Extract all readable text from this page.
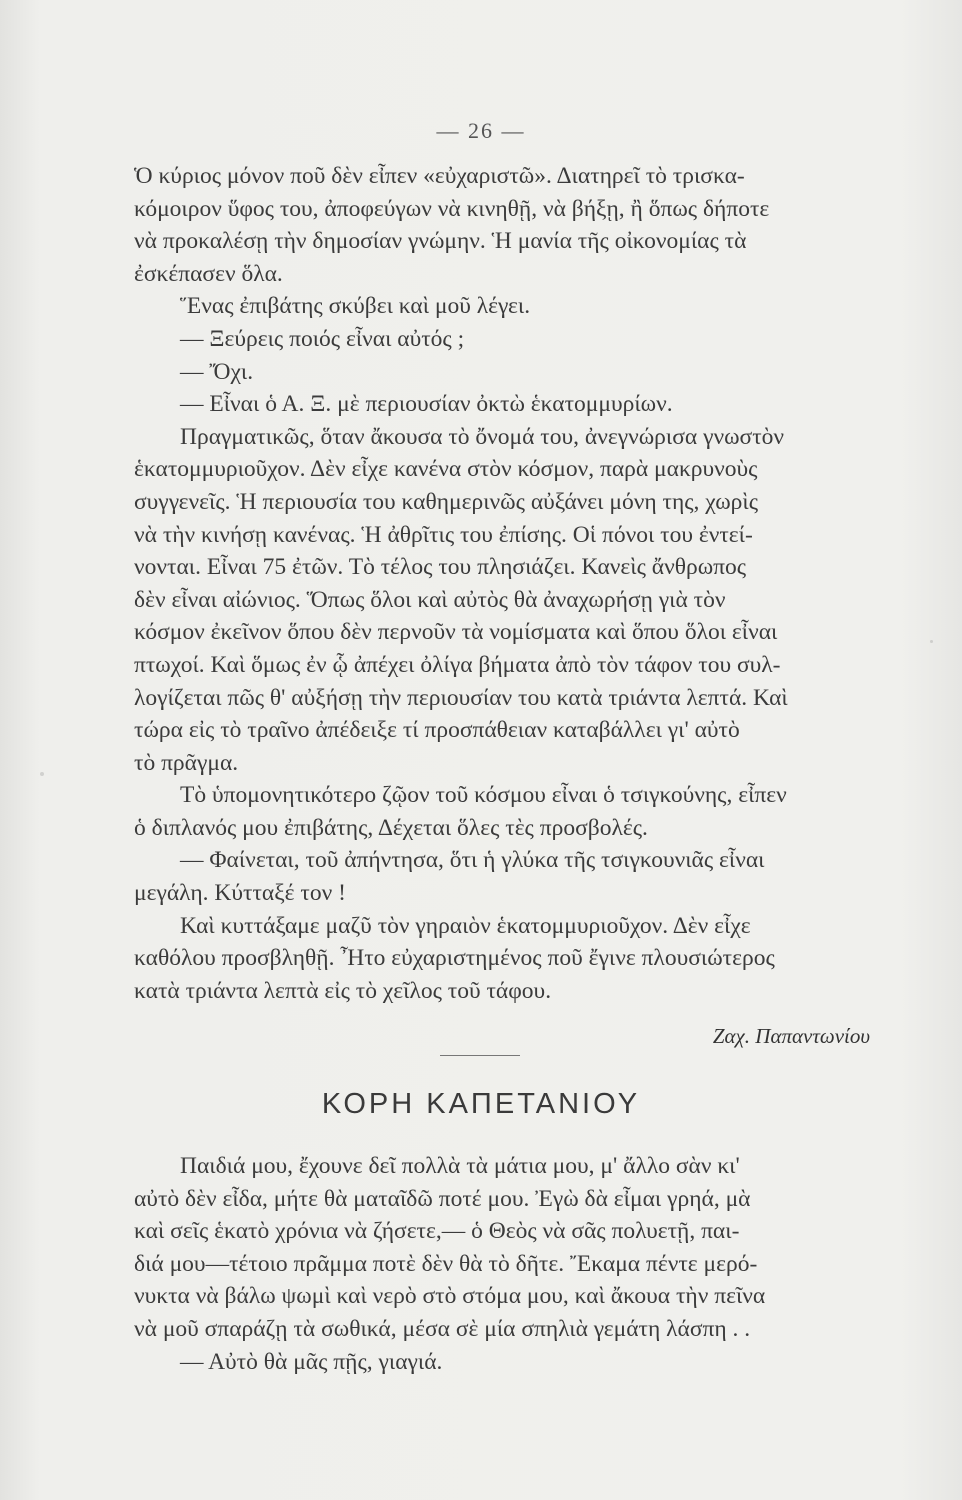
— 26 —

Ὁ κύριος μόνον ποῦ δὲν εἶπεν «εὐχαριστῶ». Διατηρεῖ τὸ τρισκα-

κόμοιρον ὕφος του, ἀποφεύγων νὰ κινηθῇ, νὰ βήξῃ, ἢ ὅπως δήποτε

νὰ προκαλέσῃ τὴν δημοσίαν γνώμην. Ἡ μανία τῆς οἰκονομίας τὰ

ἐσκέπασεν ὅλα.

Ἕνας ἐπιβάτης σκύβει καὶ μοῦ λέγει.

— Ξεύρεις ποιός εἶναι αὐτός ;

— Ὄχι.

— Εἶναι ὁ Α. Ξ. μὲ περιουσίαν ὀκτὼ ἑκατομμυρίων.

Πραγματικῶς, ὅταν ἄκουσα τὸ ὄνομά του, ἀνεγνώρισα γνωστὸν

ἑκατομμυριοῦχον. Δὲν εἶχε κανένα στὸν κόσμον, παρὰ μακρυνοὺς

συγγενεῖς. Ἡ περιουσία του καθημερινῶς αὐξάνει μόνη της, χωρὶς

νὰ τὴν κινήσῃ κανένας. Ἡ ἀθρῖτις του ἐπίσης. Οἱ πόνοι του ἐντεί-

νονται. Εἶναι 75 ἐτῶν. Τὸ τέλος του πλησιάζει. Κανεὶς ἄνθρωπος

δὲν εἶναι αἰώνιος. Ὅπως ὅλοι καὶ αὐτὸς θὰ ἀναχωρήσῃ γιὰ τὸν

κόσμον ἐκεῖνον ὅπου δὲν περνοῦν τὰ νομίσματα καὶ ὅπου ὅλοι εἶναι

πτωχοί. Καὶ ὅμως ἐν ᾧ ἀπέχει ὀλίγα βήματα ἀπὸ τὸν τάφον του συλ-

λογίζεται πῶς θ' αὐξήσῃ τὴν περιουσίαν του κατὰ τριάντα λεπτά. Καὶ

τώρα εἰς τὸ τραῖνο ἀπέδειξε τί προσπάθειαν καταβάλλει γι' αὐτὸ

τὸ πρᾶγμα.

Τὸ ὑπομονητικότερο ζῷον τοῦ κόσμου εἶναι ὁ τσιγκούνης, εἶπεν

ὁ διπλανός μου ἐπιβάτης, Δέχεται ὅλες τὲς προσβολές.

— Φαίνεται, τοῦ ἀπήντησα, ὅτι ἡ γλύκα τῆς τσιγκουνιᾶς εἶναι

μεγάλη. Κύτταξέ τον !

Καὶ κυττάξαμε μαζῦ τὸν γηραιὸν ἑκατομμυριοῦχον. Δὲν εἶχε

καθόλου προσβληθῇ. Ἦτο εὐχαριστημένος ποῦ ἔγινε πλουσιώτερος

κατὰ τριάντα λεπτὰ εἰς τὸ χεῖλος τοῦ τάφου.

Ζαχ. Παπαντωνίου
ΚΟΡΗ ΚΑΠΕΤΑΝΙΟΥ

Παιδιά μου, ἔχουνε δεῖ πολλὰ τὰ μάτια μου, μ' ἄλλο σὰν κι'

αὐτὸ δὲν εἶδα, μήτε θὰ ματαῖδῶ ποτέ μου. Ἐγὼ δὰ εἶμαι γρηά, μὰ

καὶ σεῖς ἑκατὸ χρόνια νὰ ζήσετε,— ὁ Θεὸς νὰ σᾶς πολυετῇ, παι-

διά μου—τέτοιο πρᾶμμα ποτὲ δὲν θὰ τὸ δῆτε. Ἔκαμα πέντε μερό-

νυκτα νὰ βάλω ψωμὶ καὶ νερὸ στὸ στόμα μου, καὶ ἄκουα τὴν πεῖνα

νὰ μοῦ σπαράζῃ τὰ σωθικά, μέσα σὲ μία σπηλιὰ γεμάτη λάσπη . .

— Αὐτὸ θὰ μᾶς πῇς, γιαγιά.
